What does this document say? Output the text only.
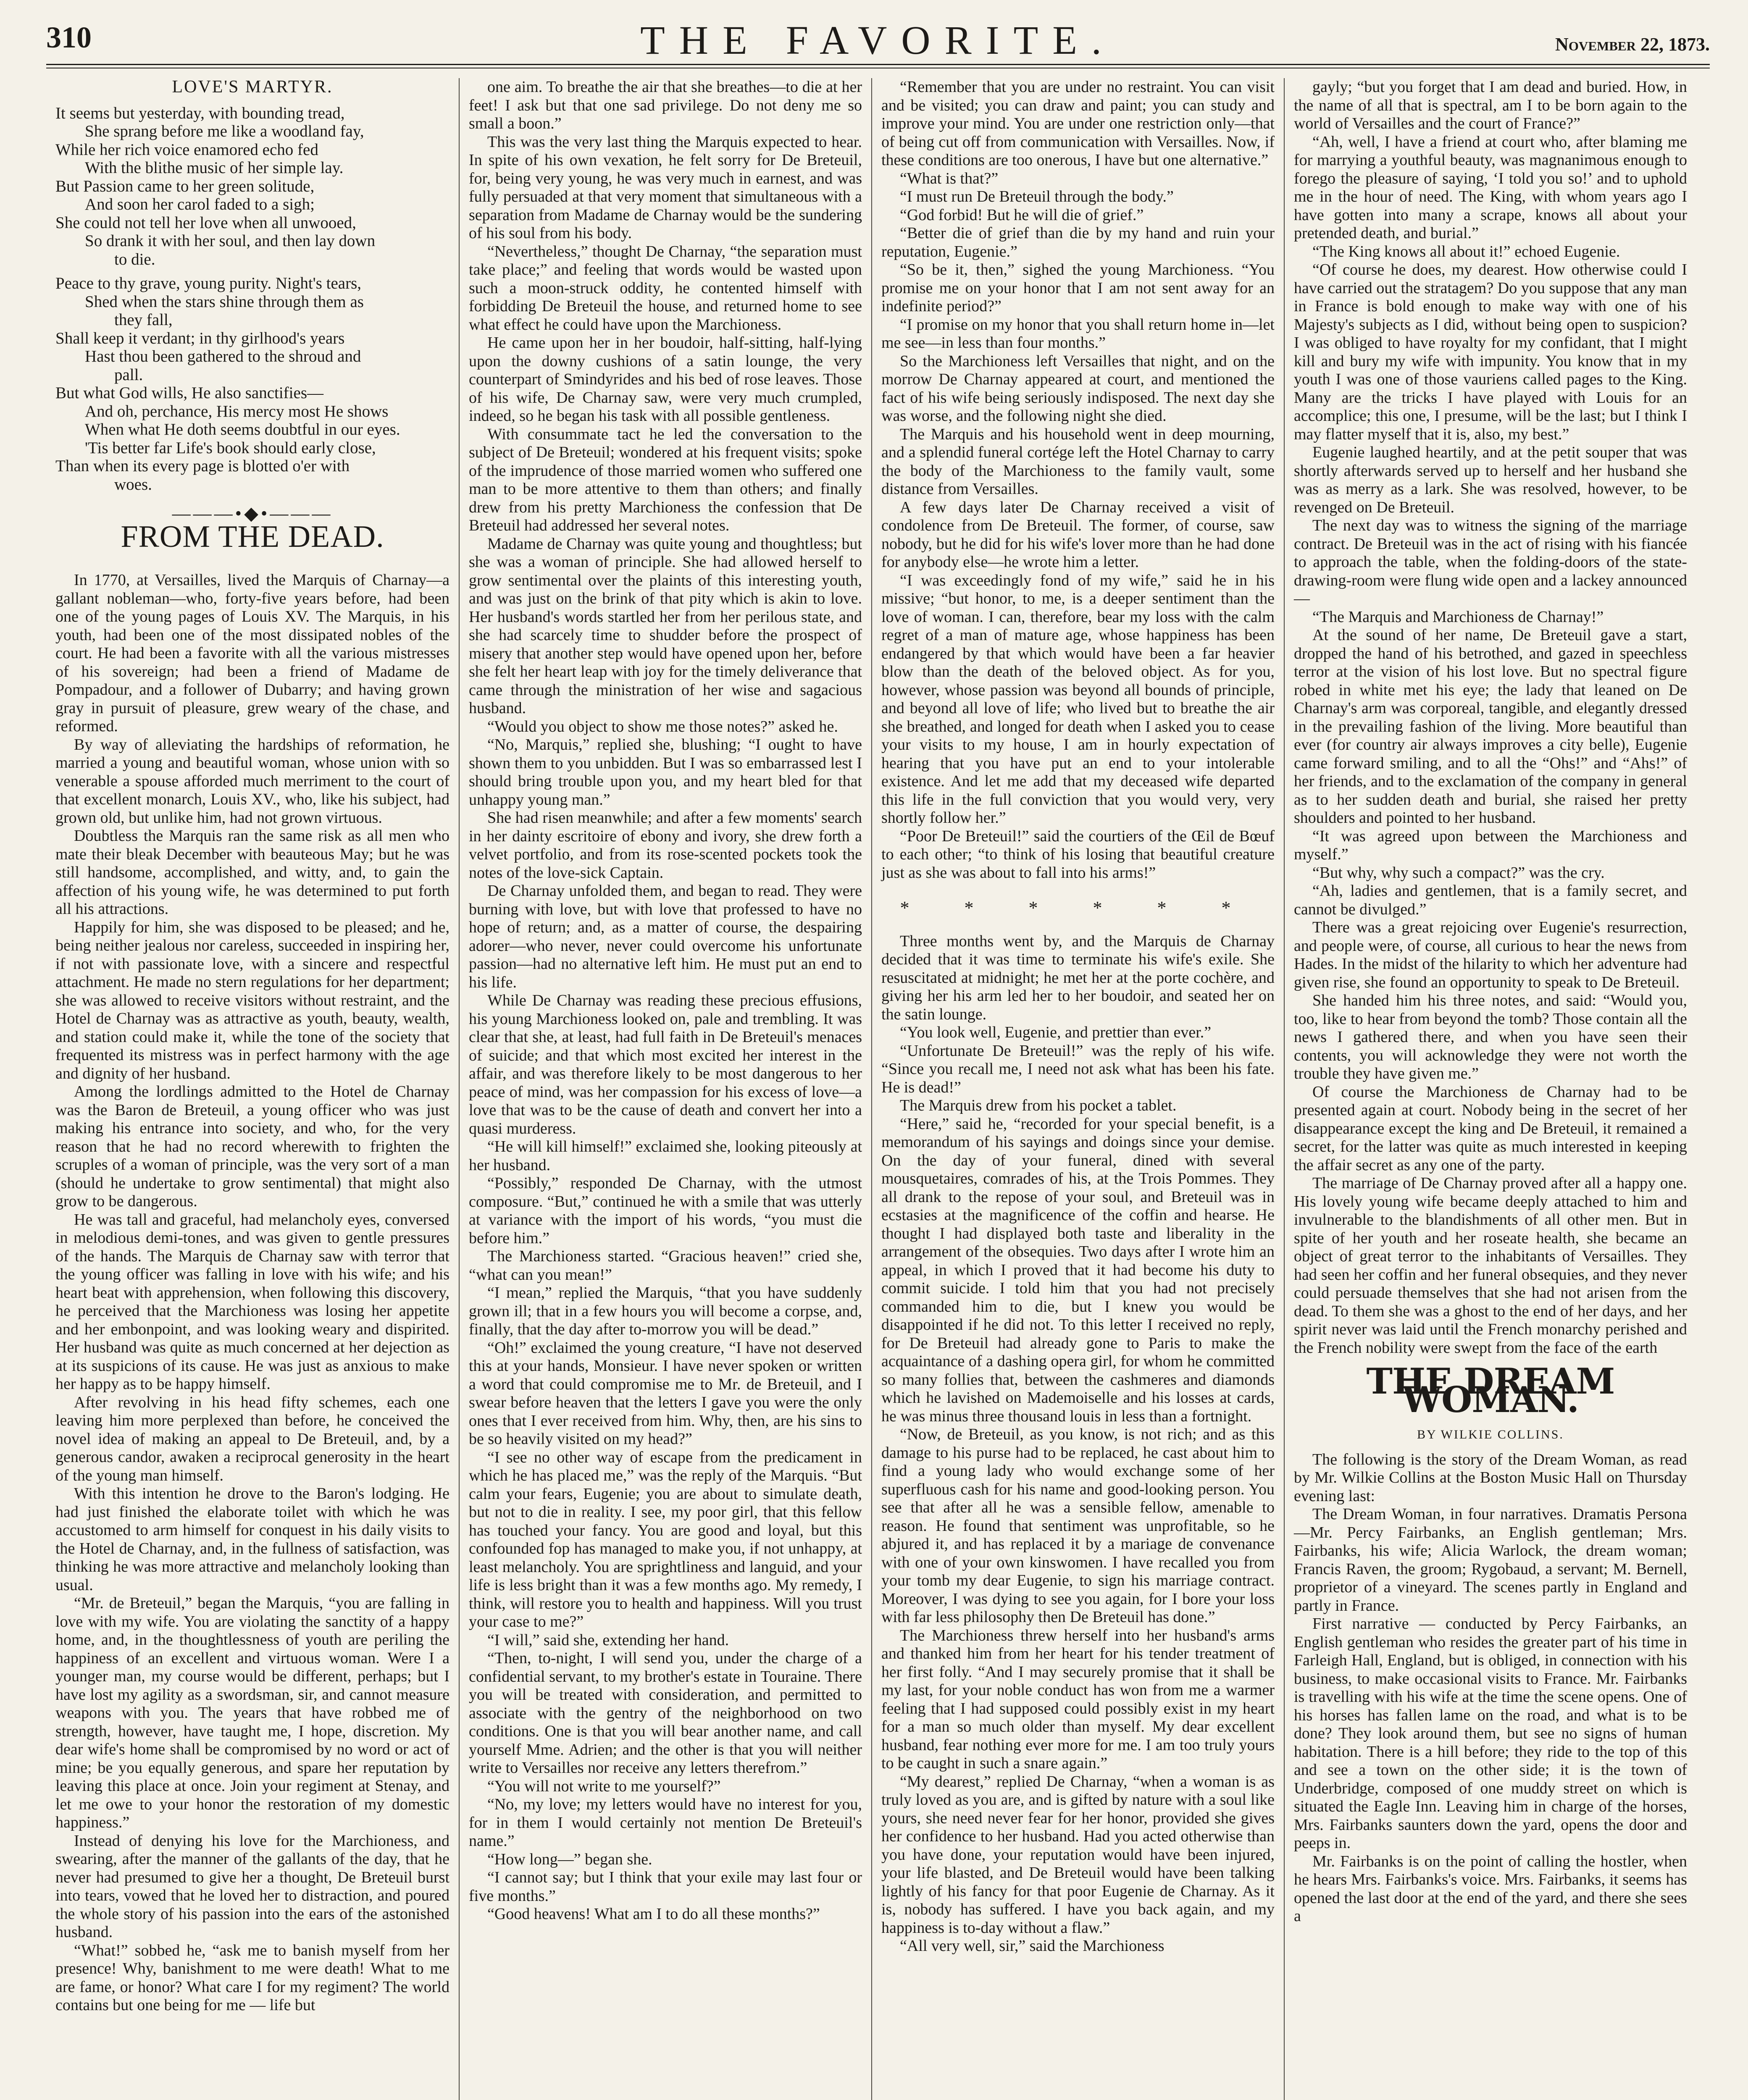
310	THE FAVORITE.	November 22, 1873.
LOVE'S MARTYR.
It seems but yesterday, with bounding tread,
She sprang before me like a woodland fay,
While her rich voice enamored echo fed
With the blithe music of her simple lay.
But Passion came to her green solitude,
And soon her carol faded to a sigh;
She could not tell her love when all unwooed,
So drank it with her soul, and then lay down
to die.
Peace to thy grave, young purity. Night's tears,
Shed when the stars shine through them as
they fall,
Shall keep it verdant; in thy girlhood's years
Hast thou been gathered to the shroud and
pall.
But what God wills, He also sanctifies—
And oh, perchance, His mercy most He shows
When what He doth seems doubtful in our eyes.
'Tis better far Life's book should early close,
Than when its every page is blotted o'er with
woes.
———•◆•———
FROM THE DEAD.

In 1770, at Versailles, lived the Marquis of Charnay—a gallant nobleman—who, forty-five years before, had been one of the young pages of Louis XV. The Marquis, in his youth, had been one of the most dissipated nobles of the court. He had been a favorite with all the various mistresses of his sovereign; had been a friend of Madame de Pompadour, and a follower of Dubarry; and having grown gray in pursuit of pleasure, grew weary of the chase, and reformed.

By way of alleviating the hardships of reformation, he married a young and beautiful woman, whose union with so venerable a spouse afforded much merriment to the court of that excellent monarch, Louis XV., who, like his subject, had grown old, but unlike him, had not grown virtuous.

Doubtless the Marquis ran the same risk as all men who mate their bleak December with beauteous May; but he was still handsome, accomplished, and witty, and, to gain the affection of his young wife, he was determined to put forth all his attractions.

Happily for him, she was disposed to be pleased; and he, being neither jealous nor careless, succeeded in inspiring her, if not with passionate love, with a sincere and respectful attachment. He made no stern regulations for her department; she was allowed to receive visitors without restraint, and the Hotel de Charnay was as attractive as youth, beauty, wealth, and station could make it, while the tone of the society that frequented its mistress was in perfect harmony with the age and dignity of her husband.

Among the lordlings admitted to the Hotel de Charnay was the Baron de Breteuil, a young officer who was just making his entrance into society, and who, for the very reason that he had no record wherewith to frighten the scruples of a woman of principle, was the very sort of a man (should he undertake to grow sentimental) that might also grow to be dangerous.

He was tall and graceful, had melancholy eyes, conversed in melodious demi-tones, and was given to gentle pressures of the hands. The Marquis de Charnay saw with terror that the young officer was falling in love with his wife; and his heart beat with apprehension, when following this discovery, he perceived that the Marchioness was losing her appetite and her embonpoint, and was looking weary and dispirited. Her husband was quite as much concerned at her dejection as at its suspicions of its cause. He was just as anxious to make her happy as to be happy himself.

After revolving in his head fifty schemes, each one leaving him more perplexed than before, he conceived the novel idea of making an appeal to De Breteuil, and, by a generous candor, awaken a reciprocal generosity in the heart of the young man himself.

With this intention he drove to the Baron's lodging. He had just finished the elaborate toilet with which he was accustomed to arm himself for conquest in his daily visits to the Hotel de Charnay, and, in the fullness of satisfaction, was thinking he was more attractive and melancholy looking than usual.

“Mr. de Breteuil,” began the Marquis, “you are falling in love with my wife. You are violating the sanctity of a happy home, and, in the thoughtlessness of youth are periling the happiness of an excellent and virtuous woman. Were I a younger man, my course would be different, perhaps; but I have lost my agility as a swordsman, sir, and cannot measure weapons with you. The years that have robbed me of strength, however, have taught me, I hope, discretion. My dear wife's home shall be compromised by no word or act of mine; be you equally generous, and spare her reputation by leaving this place at once. Join your regiment at Stenay, and let me owe to your honor the restoration of my domestic happiness.”

Instead of denying his love for the Marchioness, and swearing, after the manner of the gallants of the day, that he never had presumed to give her a thought, De Breteuil burst into tears, vowed that he loved her to distraction, and poured the whole story of his passion into the ears of the astonished husband.

“What!” sobbed he, “ask me to banish myself from her presence! Why, banishment to me were death! What to me are fame, or honor? What care I for my regiment? The world contains but one being for me — life but

one aim. To breathe the air that she breathes—to die at her feet! I ask but that one sad privilege. Do not deny me so small a boon.”

This was the very last thing the Marquis expected to hear. In spite of his own vexation, he felt sorry for De Breteuil, for, being very young, he was very much in earnest, and was fully persuaded at that very moment that simultaneous with a separation from Madame de Charnay would be the sundering of his soul from his body.

“Nevertheless,” thought De Charnay, “the separation must take place;” and feeling that words would be wasted upon such a moon-struck oddity, he contented himself with forbidding De Breteuil the house, and returned home to see what effect he could have upon the Marchioness.

He came upon her in her boudoir, half-sitting, half-lying upon the downy cushions of a satin lounge, the very counterpart of Smindyrides and his bed of rose leaves. Those of his wife, De Charnay saw, were very much crumpled, indeed, so he began his task with all possible gentleness.

With consummate tact he led the conversation to the subject of De Breteuil; wondered at his frequent visits; spoke of the imprudence of those married women who suffered one man to be more attentive to them than others; and finally drew from his pretty Marchioness the confession that De Breteuil had addressed her several notes.

Madame de Charnay was quite young and thoughtless; but she was a woman of principle. She had allowed herself to grow sentimental over the plaints of this interesting youth, and was just on the brink of that pity which is akin to love. Her husband's words startled her from her perilous state, and she had scarcely time to shudder before the prospect of misery that another step would have opened upon her, before she felt her heart leap with joy for the timely deliverance that came through the ministration of her wise and sagacious husband.

“Would you object to show me those notes?” asked he.

“No, Marquis,” replied she, blushing; “I ought to have shown them to you unbidden. But I was so embarrassed lest I should bring trouble upon you, and my heart bled for that unhappy young man.”

She had risen meanwhile; and after a few moments' search in her dainty escritoire of ebony and ivory, she drew forth a velvet portfolio, and from its rose-scented pockets took the notes of the love-sick Captain.

De Charnay unfolded them, and began to read. They were burning with love, but with love that professed to have no hope of return; and, as a matter of course, the despairing adorer—who never, never could overcome his unfortunate passion—had no alternative left him. He must put an end to his life.

While De Charnay was reading these precious effusions, his young Marchioness looked on, pale and trembling. It was clear that she, at least, had full faith in De Breteuil's menaces of suicide; and that which most excited her interest in the affair, and was therefore likely to be most dangerous to her peace of mind, was her compassion for his excess of love—a love that was to be the cause of death and convert her into a quasi murderess.

“He will kill himself!” exclaimed she, looking piteously at her husband.

“Possibly,” responded De Charnay, with the utmost composure. “But,” continued he with a smile that was utterly at variance with the import of his words, “you must die before him.”

The Marchioness started. “Gracious heaven!” cried she, “what can you mean!”

“I mean,” replied the Marquis, “that you have suddenly grown ill; that in a few hours you will become a corpse, and, finally, that the day after to-morrow you will be dead.”

“Oh!” exclaimed the young creature, “I have not deserved this at your hands, Monsieur. I have never spoken or written a word that could compromise me to Mr. de Breteuil, and I swear before heaven that the letters I gave you were the only ones that I ever received from him. Why, then, are his sins to be so heavily visited on my head?”

“I see no other way of escape from the predicament in which he has placed me,” was the reply of the Marquis. “But calm your fears, Eugenie; you are about to simulate death, but not to die in reality. I see, my poor girl, that this fellow has touched your fancy. You are good and loyal, but this confounded fop has managed to make you, if not unhappy, at least melancholy. You are sprightliness and languid, and your life is less bright than it was a few months ago. My remedy, I think, will restore you to health and happiness. Will you trust your case to me?”

“I will,” said she, extending her hand.

“Then, to-night, I will send you, under the charge of a confidential servant, to my brother's estate in Touraine. There you will be treated with consideration, and permitted to associate with the gentry of the neighborhood on two conditions. One is that you will bear another name, and call yourself Mme. Adrien; and the other is that you will neither write to Versailles nor receive any letters therefrom.”

“You will not write to me yourself?”

“No, my love; my letters would have no interest for you, for in them I would certainly not mention De Breteuil's name.”

“How long—” began she.

“I cannot say; but I think that your exile may last four or five months.”

“Good heavens! What am I to do all these months?”

“Remember that you are under no restraint. You can visit and be visited; you can draw and paint; you can study and improve your mind. You are under one restriction only—that of being cut off from communication with Versailles. Now, if these conditions are too onerous, I have but one alternative.”

“What is that?”

“I must run De Breteuil through the body.”

“God forbid! But he will die of grief.”

“Better die of grief than die by my hand and ruin your reputation, Eugenie.”

“So be it, then,” sighed the young Marchioness. “You promise me on your honor that I am not sent away for an indefinite period?”

“I promise on my honor that you shall return home in—let me see—in less than four months.”

So the Marchioness left Versailles that night, and on the morrow De Charnay appeared at court, and mentioned the fact of his wife being seriously indisposed. The next day she was worse, and the following night she died.

The Marquis and his household went in deep mourning, and a splendid funeral cortége left the Hotel Charnay to carry the body of the Marchioness to the family vault, some distance from Versailles.

A few days later De Charnay received a visit of condolence from De Breteuil. The former, of course, saw nobody, but he did for his wife's lover more than he had done for anybody else—he wrote him a letter.

“I was exceedingly fond of my wife,” said he in his missive; “but honor, to me, is a deeper sentiment than the love of woman. I can, therefore, bear my loss with the calm regret of a man of mature age, whose happiness has been endangered by that which would have been a far heavier blow than the death of the beloved object. As for you, however, whose passion was beyond all bounds of principle, and beyond all love of life; who lived but to breathe the air she breathed, and longed for death when I asked you to cease your visits to my house, I am in hourly expectation of hearing that you have put an end to your intolerable existence. And let me add that my deceased wife departed this life in the full conviction that you would very, very shortly follow her.”

“Poor De Breteuil!” said the courtiers of the Œil de Bœuf to each other; “to think of his losing that beautiful creature just as she was about to fall into his arms!”

* * * * * *

Three months went by, and the Marquis de Charnay decided that it was time to terminate his wife's exile. She resuscitated at midnight; he met her at the porte cochère, and giving her his arm led her to her boudoir, and seated her on the satin lounge.

“You look well, Eugenie, and prettier than ever.”

“Unfortunate De Breteuil!” was the reply of his wife. “Since you recall me, I need not ask what has been his fate. He is dead!”

The Marquis drew from his pocket a tablet.

“Here,” said he, “recorded for your special benefit, is a memorandum of his sayings and doings since your demise. On the day of your funeral, dined with several mousquetaires, comrades of his, at the Trois Pommes. They all drank to the repose of your soul, and Breteuil was in ecstasies at the magnificence of the coffin and hearse. He thought I had displayed both taste and liberality in the arrangement of the obsequies. Two days after I wrote him an appeal, in which I proved that it had become his duty to commit suicide. I told him that you had not precisely commanded him to die, but I knew you would be disappointed if he did not. To this letter I received no reply, for De Breteuil had already gone to Paris to make the acquaintance of a dashing opera girl, for whom he committed so many follies that, between the cashmeres and diamonds which he lavished on Mademoiselle and his losses at cards, he was minus three thousand louis in less than a fortnight.

“Now, de Breteuil, as you know, is not rich; and as this damage to his purse had to be replaced, he cast about him to find a young lady who would exchange some of her superfluous cash for his name and good-looking person. You see that after all he was a sensible fellow, amenable to reason. He found that sentiment was unprofitable, so he abjured it, and has replaced it by a mariage de convenance with one of your own kinswomen. I have recalled you from your tomb my dear Eugenie, to sign his marriage contract. Moreover, I was dying to see you again, for I bore your loss with far less philosophy then De Breteuil has done.”

The Marchioness threw herself into her husband's arms and thanked him from her heart for his tender treatment of her first folly. “And I may securely promise that it shall be my last, for your noble conduct has won from me a warmer feeling that I had supposed could possibly exist in my heart for a man so much older than myself. My dear excellent husband, fear nothing ever more for me. I am too truly yours to be caught in such a snare again.”

“My dearest,” replied De Charnay, “when a woman is as truly loved as you are, and is gifted by nature with a soul like yours, she need never fear for her honor, provided she gives her confidence to her husband. Had you acted otherwise than you have done, your reputation would have been injured, your life blasted, and De Breteuil would have been talking lightly of his fancy for that poor Eugenie de Charnay. As it is, nobody has suffered. I have you back again, and my happiness is to-day without a flaw.”

“All very well, sir,” said the Marchioness

gayly; “but you forget that I am dead and buried. How, in the name of all that is spectral, am I to be born again to the world of Versailles and the court of France?”

“Ah, well, I have a friend at court who, after blaming me for marrying a youthful beauty, was magnanimous enough to forego the pleasure of saying, ‘I told you so!’ and to uphold me in the hour of need. The King, with whom years ago I have gotten into many a scrape, knows all about your pretended death, and burial.”

“The King knows all about it!” echoed Eugenie.

“Of course he does, my dearest. How otherwise could I have carried out the stratagem? Do you suppose that any man in France is bold enough to make way with one of his Majesty's subjects as I did, without being open to suspicion? I was obliged to have royalty for my confidant, that I might kill and bury my wife with impunity. You know that in my youth I was one of those vauriens called pages to the King. Many are the tricks I have played with Louis for an accomplice; this one, I presume, will be the last; but I think I may flatter myself that it is, also, my best.”

Eugenie laughed heartily, and at the petit souper that was shortly afterwards served up to herself and her husband she was as merry as a lark. She was resolved, however, to be revenged on De Breteuil.

The next day was to witness the signing of the marriage contract. De Breteuil was in the act of rising with his fiancée to approach the table, when the folding-doors of the state-drawing-room were flung wide open and a lackey announced—

“The Marquis and Marchioness de Charnay!”

At the sound of her name, De Breteuil gave a start, dropped the hand of his betrothed, and gazed in speechless terror at the vision of his lost love. But no spectral figure robed in white met his eye; the lady that leaned on De Charnay's arm was corporeal, tangible, and elegantly dressed in the prevailing fashion of the living. More beautiful than ever (for country air always improves a city belle), Eugenie came forward smiling, and to all the “Ohs!” and “Ahs!” of her friends, and to the exclamation of the company in general as to her sudden death and burial, she raised her pretty shoulders and pointed to her husband.

“It was agreed upon between the Marchioness and myself.”

“But why, why such a compact?” was the cry.

“Ah, ladies and gentlemen, that is a family secret, and cannot be divulged.”

There was a great rejoicing over Eugenie's resurrection, and people were, of course, all curious to hear the news from Hades. In the midst of the hilarity to which her adventure had given rise, she found an opportunity to speak to De Breteuil.

She handed him his three notes, and said: “Would you, too, like to hear from beyond the tomb? Those contain all the news I gathered there, and when you have seen their contents, you will acknowledge they were not worth the trouble they have given me.”

Of course the Marchioness de Charnay had to be presented again at court. Nobody being in the secret of her disappearance except the king and De Breteuil, it remained a secret, for the latter was quite as much interested in keeping the affair secret as any one of the party.

The marriage of De Charnay proved after all a happy one. His lovely young wife became deeply attached to him and invulnerable to the blandishments of all other men. But in spite of her youth and her roseate health, she became an object of great terror to the inhabitants of Versailles. They had seen her coffin and her funeral obsequies, and they never could persuade themselves that she had not arisen from the dead. To them she was a ghost to the end of her days, and her spirit never was laid until the French monarchy perished and the French nobility were swept from the face of the earth

THE DREAM WOMAN.
BY WILKIE COLLINS.

The following is the story of the Dream Woman, as read by Mr. Wilkie Collins at the Boston Music Hall on Thursday evening last:

The Dream Woman, in four narratives. Dramatis Persona—Mr. Percy Fairbanks, an English gentleman; Mrs. Fairbanks, his wife; Alicia Warlock, the dream woman; Francis Raven, the groom; Rygobaud, a servant; M. Bernell, proprietor of a vineyard. The scenes partly in England and partly in France.

First narrative — conducted by Percy Fairbanks, an English gentleman who resides the greater part of his time in Farleigh Hall, England, but is obliged, in connection with his business, to make occasional visits to France. Mr. Fairbanks is travelling with his wife at the time the scene opens. One of his horses has fallen lame on the road, and what is to be done? They look around them, but see no signs of human habitation. There is a hill before; they ride to the top of this and see a town on the other side; it is the town of Underbridge, composed of one muddy street on which is situated the Eagle Inn. Leaving him in charge of the horses, Mrs. Fairbanks saunters down the yard, opens the door and peeps in.

Mr. Fairbanks is on the point of calling the hostler, when he hears Mrs. Fairbanks's voice. Mrs. Fairbanks, it seems has opened the last door at the end of the yard, and there she sees a
